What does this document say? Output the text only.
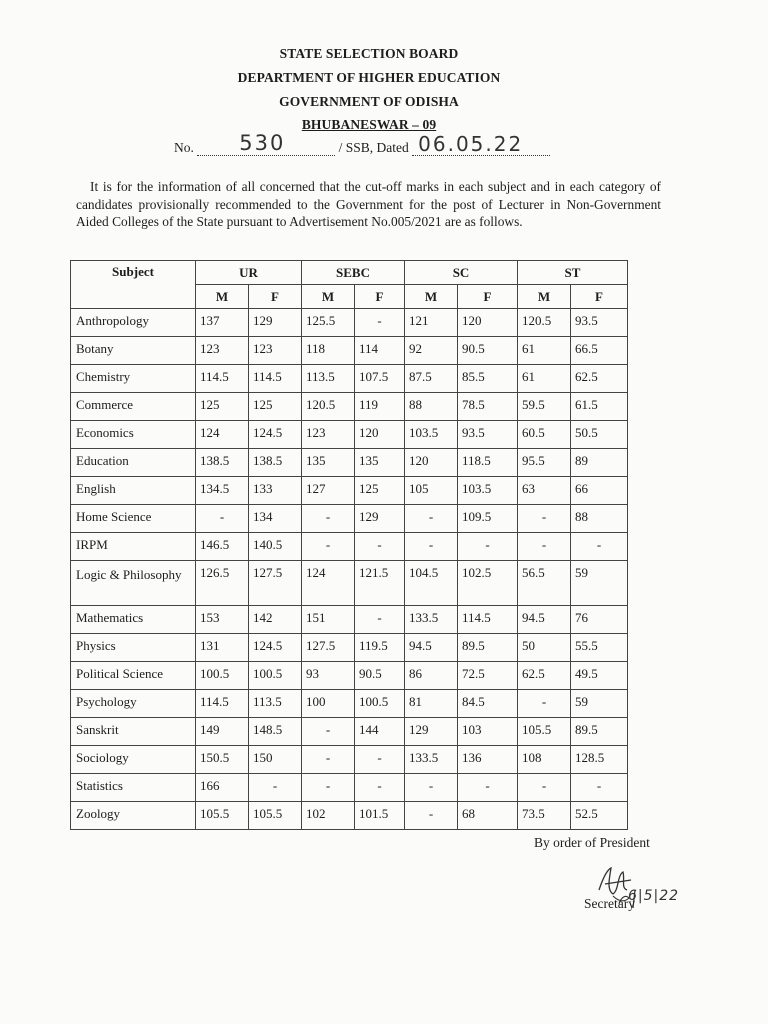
STATE SELECTION BOARD
DEPARTMENT OF HIGHER EDUCATION
GOVERNMENT OF ODISHA
BHUBANESWAR – 09
No. 530	/ SSB, Dated 06.05.22
It is for the information of all concerned that the cut-off marks in each subject and in each category of candidates provisionally recommended to the Government for the post of Lecturer in Non-Government Aided Colleges of the State pursuant to Advertisement No.005/2021 are as follows.
Subject	UR		SEBC		SC		ST	
	M	F	M	F	M	F	M	F
Anthropology	137	129	125.5	-	121	120	120.5	93.5
Botany	123	123	118	114	92	90.5	61	66.5
Chemistry	114.5	114.5	113.5	107.5	87.5	85.5	61	62.5
Commerce	125	125	120.5	119	88	78.5	59.5	61.5
Economics	124	124.5	123	120	103.5	93.5	60.5	50.5
Education	138.5	138.5	135	135	120	118.5	95.5	89
English	134.5	133	127	125	105	103.5	63	66
Home Science	-	134	-	129	-	109.5	-	88
IRPM	146.5	140.5	-	-	-	-	-	-
Logic & Philosophy	126.5	127.5	124	121.5	104.5	102.5	56.5	59
Mathematics	153	142	151	-	133.5	114.5	94.5	76
Physics	131	124.5	127.5	119.5	94.5	89.5	50	55.5
Political Science	100.5	100.5	93	90.5	86	72.5	62.5	49.5
Psychology	114.5	113.5	100	100.5	81	84.5	-	59
Sanskrit	149	148.5	-	144	129	103	105.5	89.5
Sociology	150.5	150	-	-	133.5	136	108	128.5
Statistics	166	-	-	-	-	-	-	-
Zoology	105.5	105.5	102	101.5	-	68	73.5	52.5
By order of President
Secretary
6|5|22
